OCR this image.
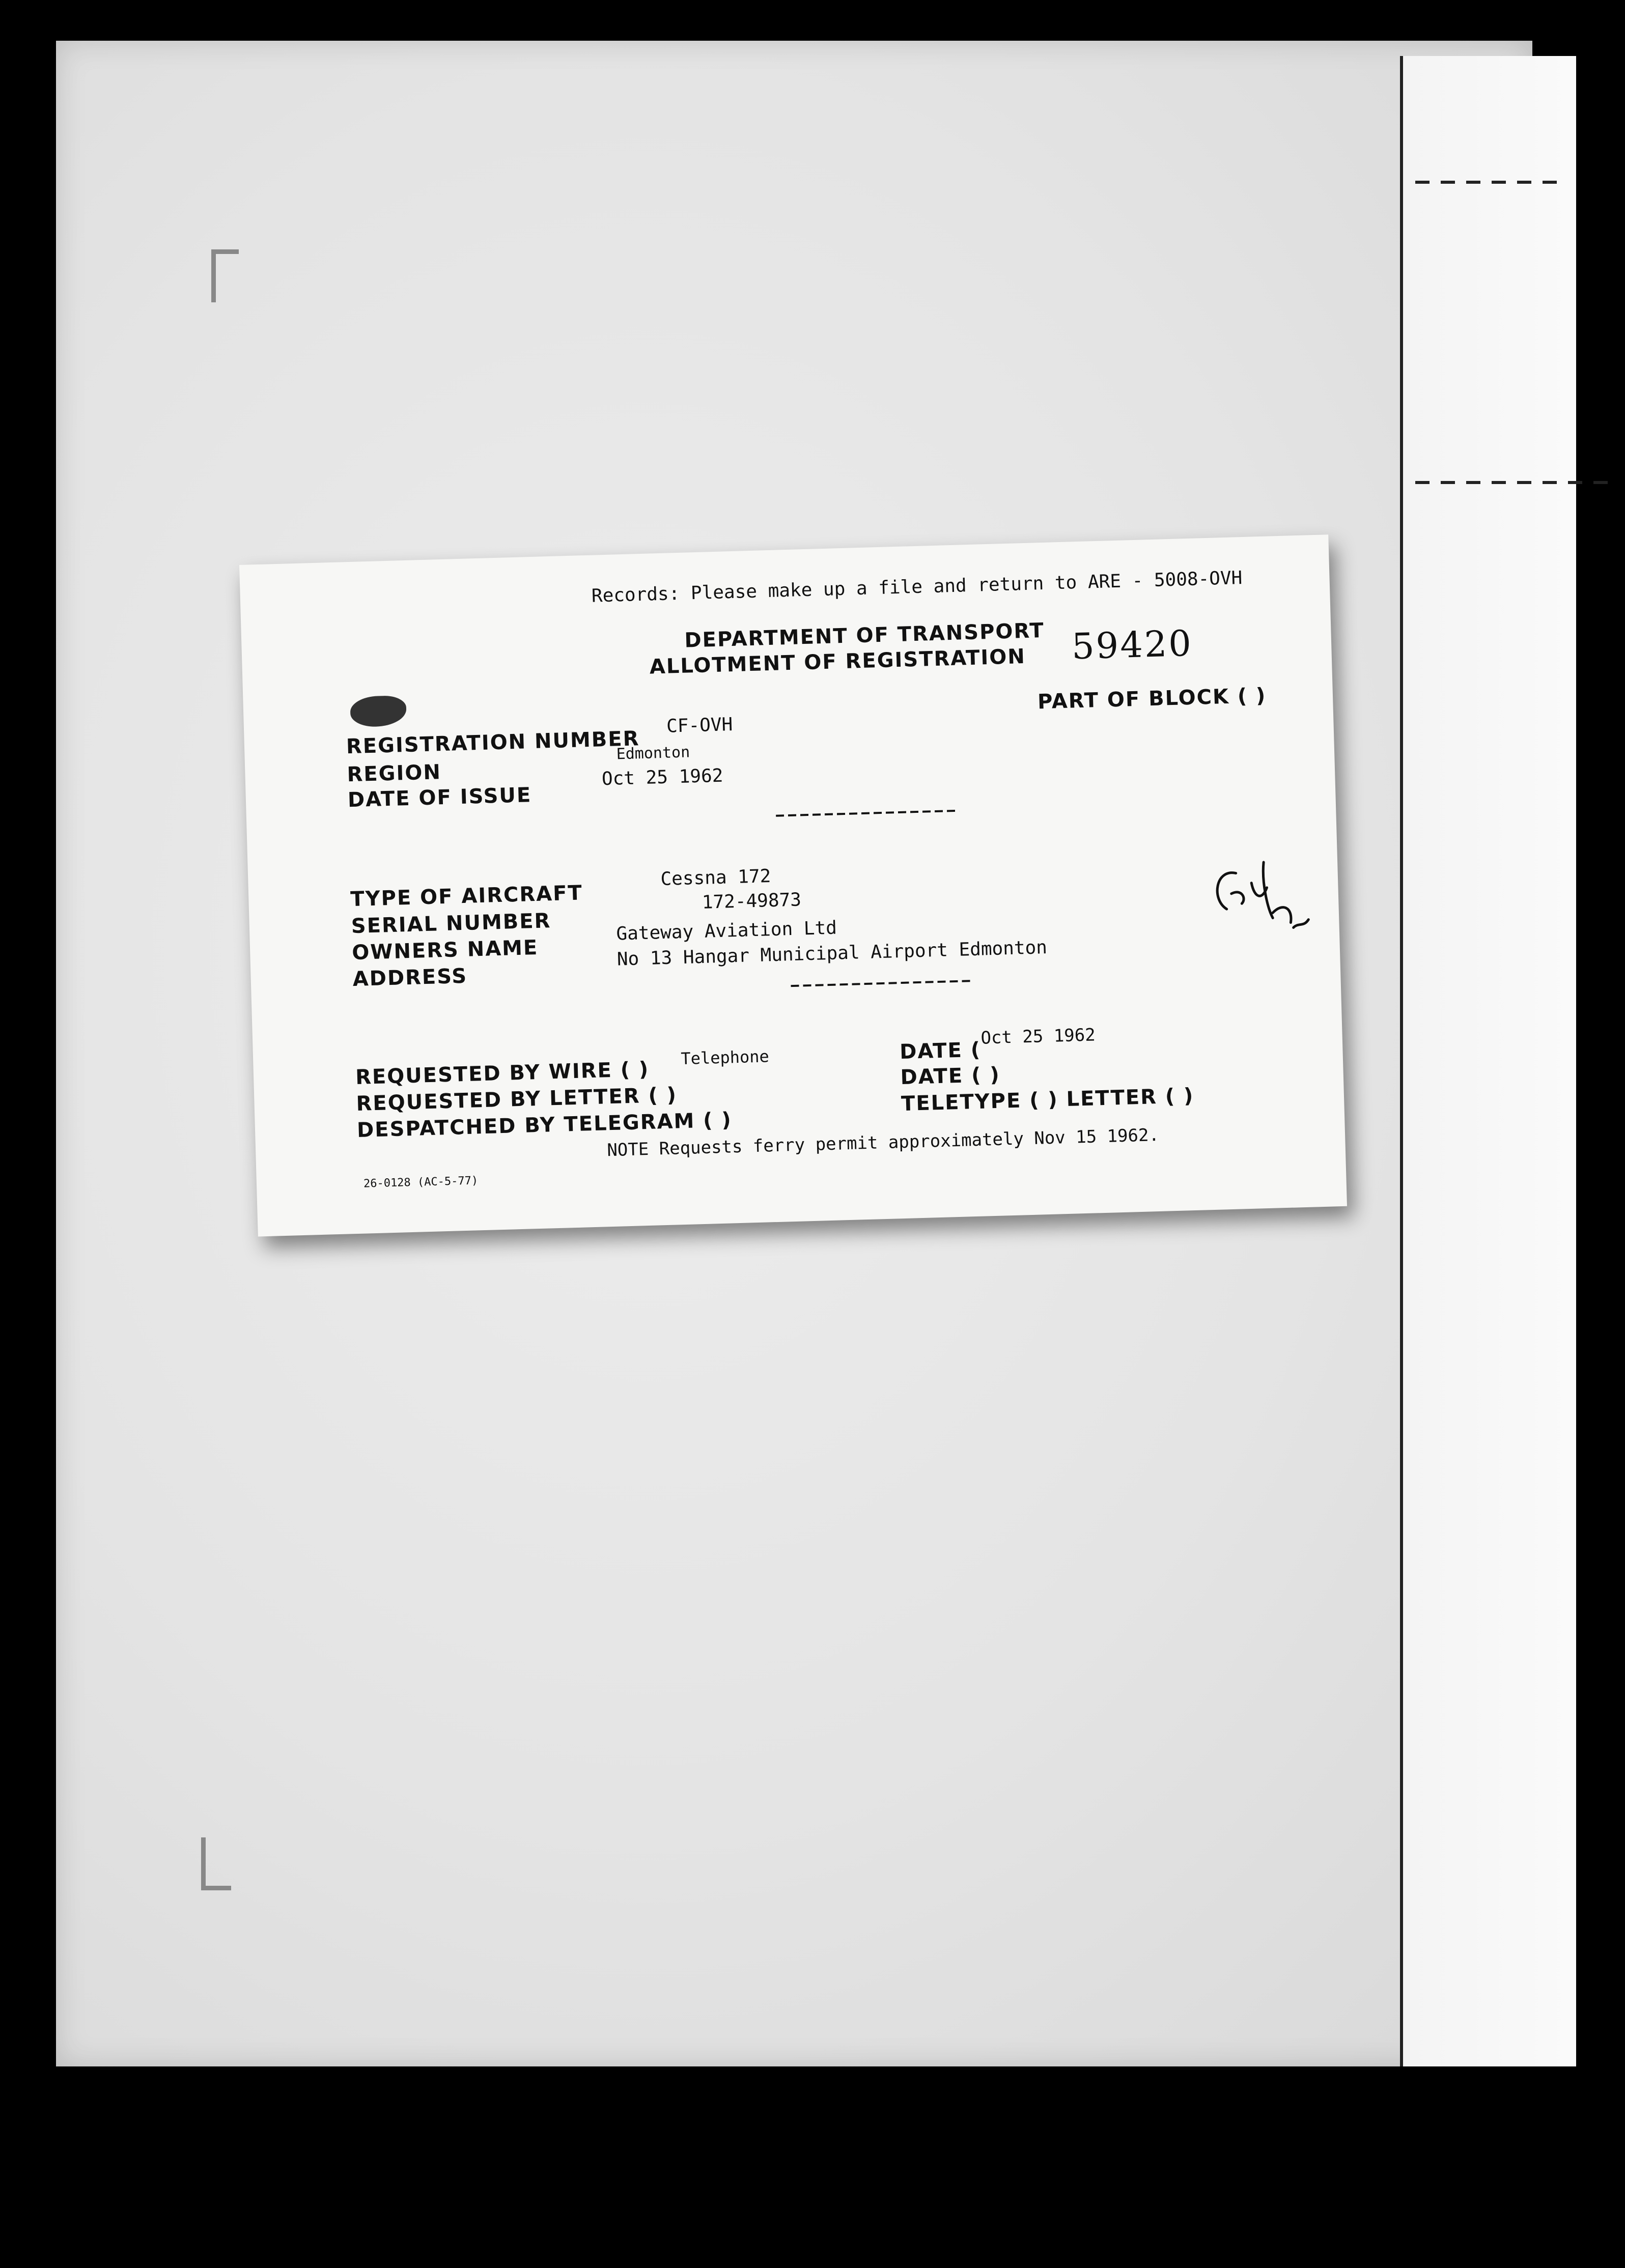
Records: Please make up a file and return to ARE - 5008-OVH
DEPARTMENT OF TRANSPORT
ALLOTMENT OF REGISTRATION 59420
PART OF BLOCK ( )
REGISTRATION NUMBER
CF-OVH
REGION
Edmonton
DATE OF ISSUE
Oct 25 1962
TYPE OF AIRCRAFT
Cessna 172
SERIAL NUMBER
172-49873
OWNERS NAME
Gateway Aviation Ltd
ADDRESS
No 13 Hangar Municipal Airport Edmonton
REQUESTED BY WIRE ( )
Telephone
REQUESTED BY LETTER ( )
DESPATCHED BY TELEGRAM ( )
DATE (
Oct 25 1962
DATE ( )
TELETYPE ( ) LETTER ( )
NOTE Requests ferry permit approximately Nov 15 1962.
26-0128 (AC-5-77)
